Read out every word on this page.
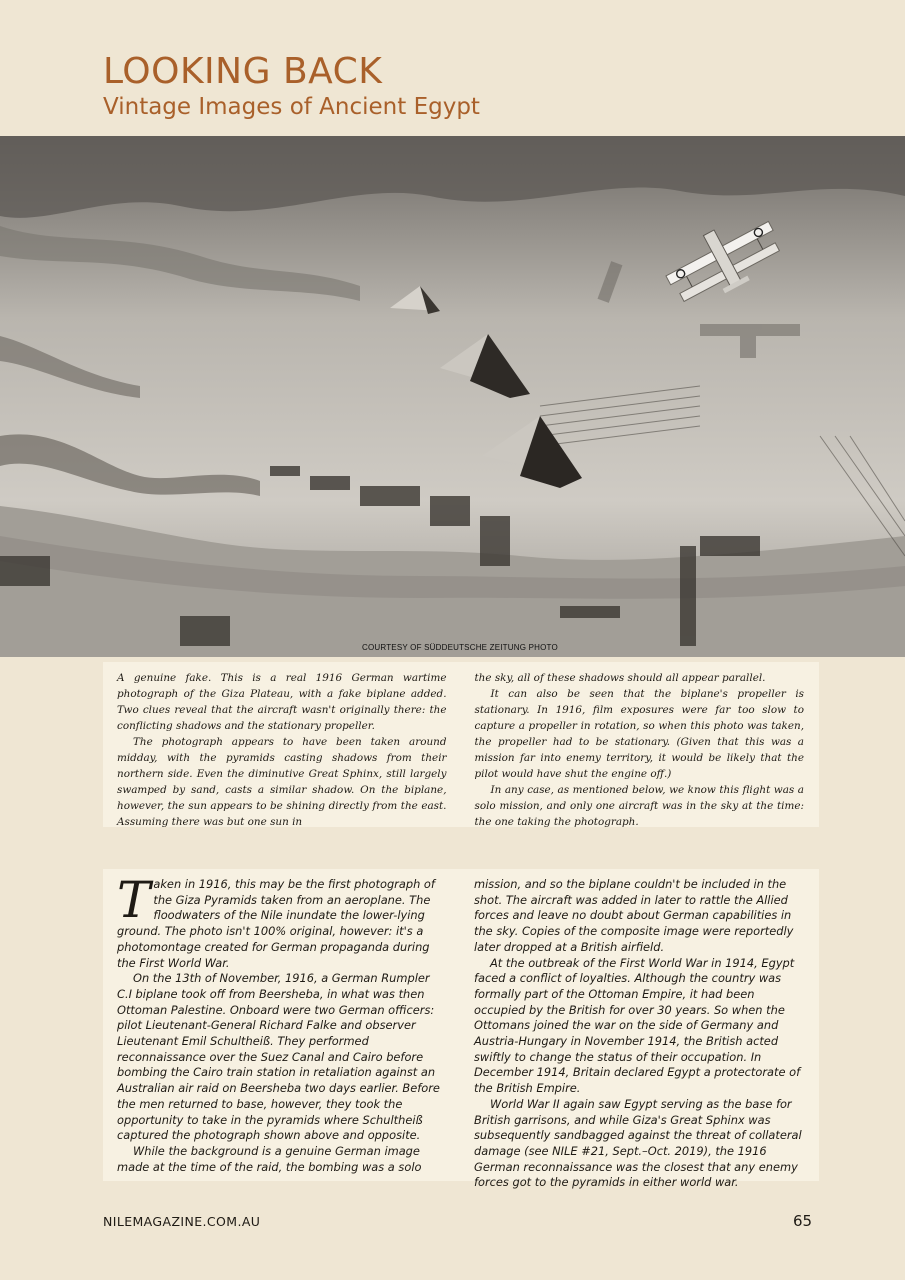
LOOKING BACK
Vintage Images of Ancient Egypt
COURTESY OF SÜDDEUTSCHE ZEITUNG PHOTO

A genuine fake. This is a real 1916 German wartime photograph of the Giza Plateau, with a fake biplane added. Two clues reveal that the aircraft wasn't originally there: the conflicting shadows and the stationary propeller.

The photograph appears to have been taken around midday, with the pyramids casting shadows from their northern side. Even the diminutive Great Sphinx, still largely swamped by sand, casts a similar shadow. On the biplane, however, the sun appears to be shining directly from the east. Assuming there was but one sun in

the sky, all of these shadows should all appear parallel.

It can also be seen that the biplane's propeller is stationary. In 1916, film exposures were far too slow to capture a propeller in rotation, so when this photo was taken, the propeller had to be stationary. (Given that this was a mission far into enemy territory, it would be likely that the pilot would have shut the engine off.)

In any case, as mentioned below, we know this flight was a solo mission, and only one aircraft was in the sky at the time: the one taking the photograph.

Taken in 1916, this may be the first photograph of the Giza Pyramids taken from an aeroplane. The floodwaters of the Nile inundate the lower-lying ground. The photo isn't 100% original, however: it's a photomontage created for German propaganda during the First World War.

On the 13th of November, 1916, a German Rumpler C.I biplane took off from Beersheba, in what was then Ottoman Palestine. Onboard were two German officers: pilot Lieutenant-General Richard Falke and observer Lieutenant Emil Schultheiß. They performed reconnaissance over the Suez Canal and Cairo before bombing the Cairo train station in retaliation against an Australian air raid on Beersheba two days earlier. Before the men returned to base, however, they took the opportunity to take in the pyramids where Schultheiß captured the photograph shown above and opposite.

While the background is a genuine German image made at the time of the raid, the bombing was a solo

mission, and so the biplane couldn't be included in the shot. The aircraft was added in later to rattle the Allied forces and leave no doubt about German capabilities in the sky. Copies of the composite image were reportedly later dropped at a British airfield.

At the outbreak of the First World War in 1914, Egypt faced a conflict of loyalties. Although the country was formally part of the Ottoman Empire, it had been occupied by the British for over 30 years. So when the Ottomans joined the war on the side of Germany and Austria-Hungary in November 1914, the British acted swiftly to change the status of their occupation. In December 1914, Britain declared Egypt a protectorate of the British Empire.

World War II again saw Egypt serving as the base for British garrisons, and while Giza's Great Sphinx was subsequently sandbagged against the threat of collateral damage (see NILE #21, Sept.–Oct. 2019), the 1916 German reconnaissance was the closest that any enemy forces got to the pyramids in either world war.

NILEMAGAZINE.COM.AU	65
